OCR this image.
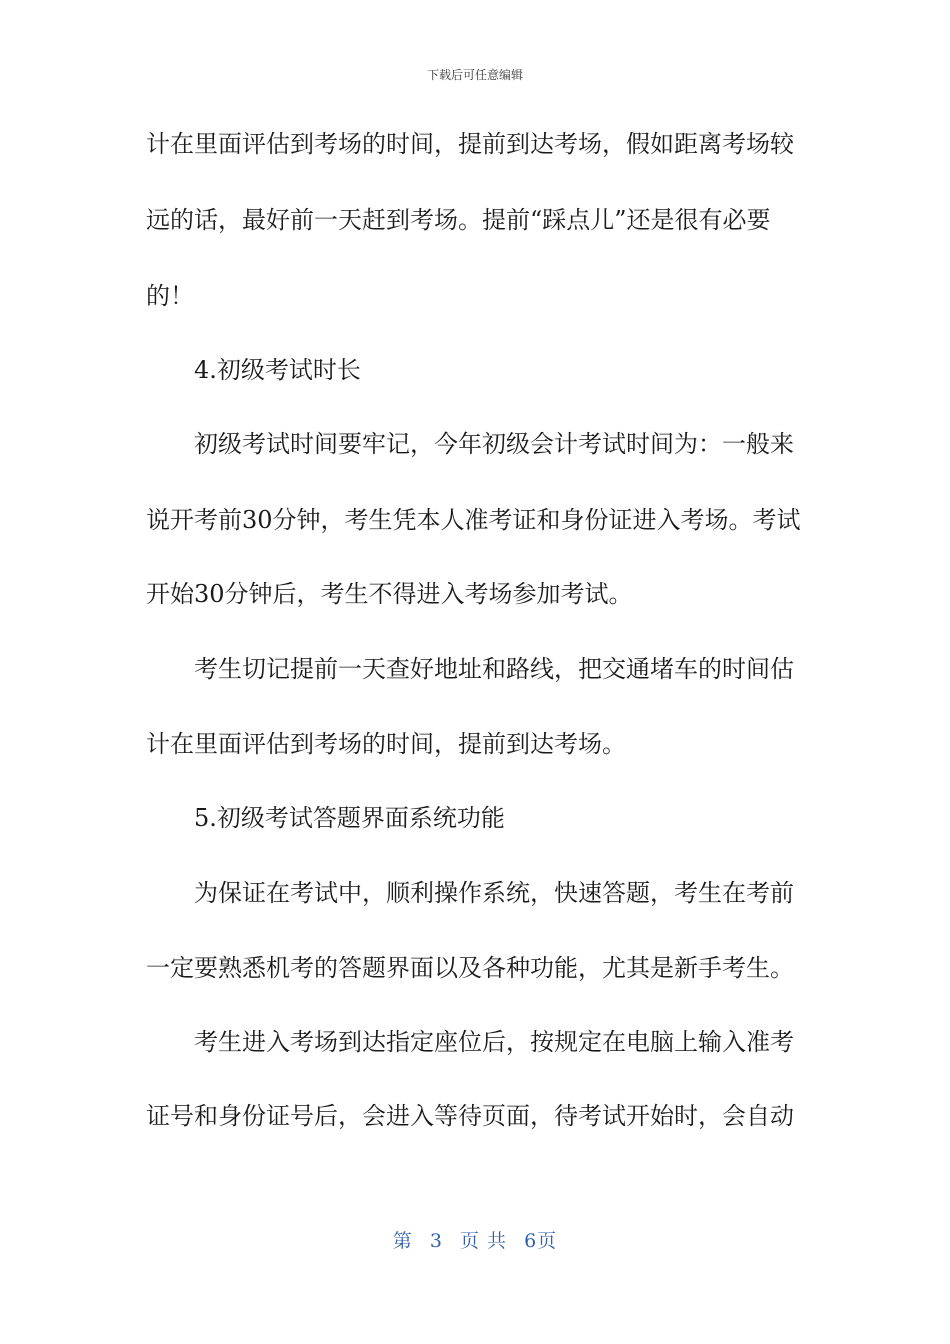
下载后可任意编辑
计在里面评估到考场的时间，提前到达考场，假如距离考场较
远的话，最好前一天赶到考场。提前“踩点儿”还是很有必要
的！
4.初级考试时长
初级考试时间要牢记，今年初级会计考试时间为：一般来
说开考前30分钟，考生凭本人准考证和身份证进入考场。考试
开始30分钟后，考生不得进入考场参加考试。
考生切记提前一天查好地址和路线，把交通堵车的时间估
计在里面评估到考场的时间，提前到达考场。
5.初级考试答题界面系统功能
为保证在考试中，顺利操作系统，快速答题，考生在考前
一定要熟悉机考的答题界面以及各种功能，尤其是新手考生。
考生进入考场到达指定座位后，按规定在电脑上输入准考
证号和身份证号后，会进入等待页面，待考试开始时，会自动
第 3 页 共 6页
